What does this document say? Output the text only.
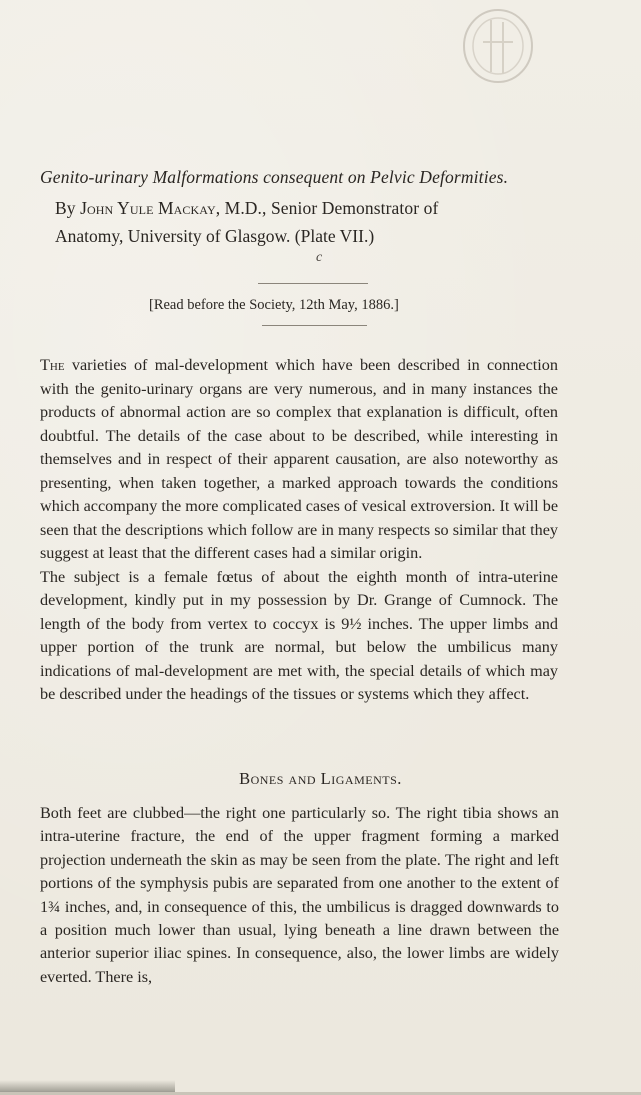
Genito-urinary Malformations consequent on Pelvic Deformities.
By John Yule Mackay, M.D., Senior Demonstrator of
Anatomy, University of Glasgow. (Plate VII.)
c
[Read before the Society, 12th May, 1886.]

The varieties of mal-development which have been described in connection with the genito-urinary organs are very numerous, and in many instances the products of abnormal action are so complex that explanation is difficult, often doubtful. The details of the case about to be described, while interesting in themselves and in respect of their apparent causation, are also noteworthy as presenting, when taken together, a marked approach towards the conditions which accompany the more complicated cases of vesical extroversion. It will be seen that the descriptions which follow are in many respects so similar that they suggest at least that the different cases had a similar origin.

The subject is a female fœtus of about the eighth month of intra-uterine development, kindly put in my possession by Dr. Grange of Cumnock. The length of the body from vertex to coccyx is 9½ inches. The upper limbs and upper portion of the trunk are normal, but below the umbilicus many indications of mal-development are met with, the special details of which may be described under the headings of the tissues or systems which they affect.

Bones and Ligaments.

Both feet are clubbed—the right one particularly so. The right tibia shows an intra-uterine fracture, the end of the upper fragment forming a marked projection underneath the skin as may be seen from the plate. The right and left portions of the symphysis pubis are separated from one another to the extent of 1¾ inches, and, in consequence of this, the umbilicus is dragged downwards to a position much lower than usual, lying beneath a line drawn between the anterior superior iliac spines. In consequence, also, the lower limbs are widely everted. There is,
